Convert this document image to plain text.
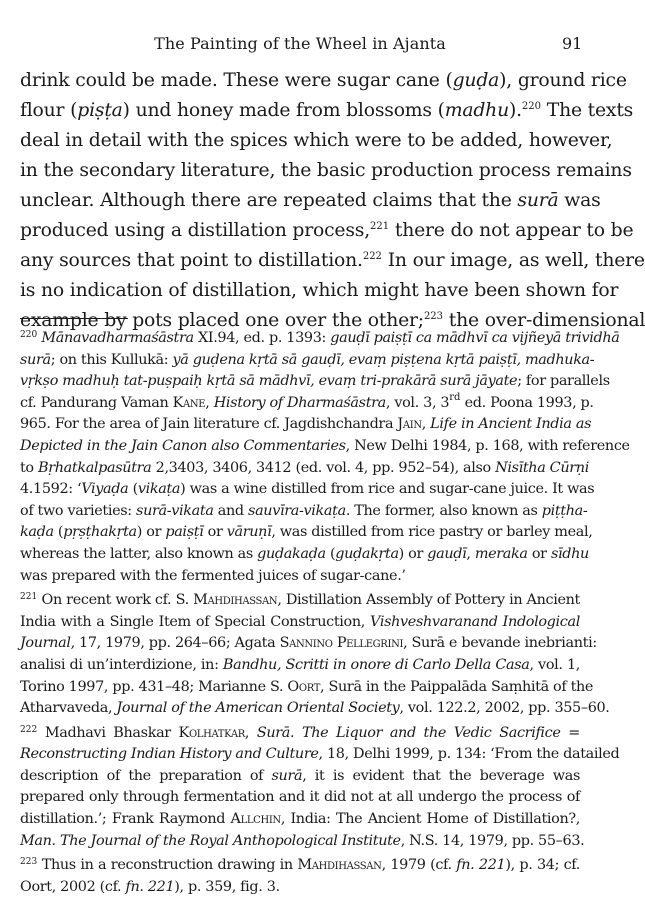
The Painting of the Wheel in Ajanta	91
drink could be made. These were sugar cane (guḍa), ground rice
flour (piṣṭa) und honey made from blossoms (madhu).$^{220}$ The texts
deal in detail with the spices which were to be added, however,
in the secondary literature, the basic production process remains
unclear. Although there are repeated claims that the surā was
produced using a distillation process,$^{221}$ there do not appear to be
any sources that point to distillation.$^{222}$ In our image, as well, there
is no indication of distillation, which might have been shown for
example by pots placed one over the other;$^{223}$ the over-dimensional
$^{220}$ Mānavadharmaśāstra XI.94, ed. p. 1393: gauḍī paiṣṭī ca mādhvī ca vijñeyā trividhā
surā; on this Kullukā: yā guḍena kṛtā sā gauḍī, evaṃ piṣṭena kṛtā paiṣṭī, madhuka-
vṛkṣo madhuḥ tat-puṣpaiḥ kṛtā sā mādhvī, evaṃ tri-prakārā surā jāyate; for parallels
cf. Pandurang Vaman Kane, History of Dharmaśāstra, vol. 3, 3rd ed. Poona 1993, p.
965. For the area of Jain literature cf. Jagdishchandra Jain, Life in Ancient India as
Depicted in the Jain Canon also Commentaries, New Delhi 1984, p. 168, with reference
to Bṛhatkalpasūtra 2,3403, 3406, 3412 (ed. vol. 4, pp. 952–54), also Nisītha Cūrṇi
4.1592: ‘Viyaḍa (vikaṭa) was a wine distilled from rice and sugar-cane juice. It was
of two varieties: surā-vikata and sauvīra-vikaṭa. The former, also known as piṭṭha-
kaḍa (pṛṣṭhakṛta) or paiṣṭī or vāruṇī, was distilled from rice pastry or barley meal,
whereas the latter, also known as guḍakaḍa (guḍakṛta) or gauḍī, meraka or sīdhu
was prepared with the fermented juices of sugar-cane.’
$^{221}$ On recent work cf. S. Mahdihassan, Distillation Assembly of Pottery in Ancient
India with a Single Item of Special Construction, Vishveshvaranand Indological
Journal, 17, 1979, pp. 264–66; Agata Sannino Pellegrini, Surā e bevande inebrianti:
analisi di un’interdizione, in: Bandhu, Scritti in onore di Carlo Della Casa, vol. 1,
Torino 1997, pp. 431–48; Marianne S. Oort, Surā in the Paippalāda Saṃhitā of the
Atharvaveda, Journal of the American Oriental Society, vol. 122.2, 2002, pp. 355–60.
$^{222}$ Madhavi Bhaskar Kolhatkar, Surā. The Liquor and the Vedic Sacrifice =
Reconstructing Indian History and Culture, 18, Delhi 1999, p. 134: ‘From the datailed
description of the preparation of surā, it is evident that the beverage was
prepared only through fermentation and it did not at all undergo the process of
distillation.’; Frank Raymond Allchin, India: The Ancient Home of Distillation?,
Man. The Journal of the Royal Anthopological Institute, N.S. 14, 1979, pp. 55–63.
$^{223}$ Thus in a reconstruction drawing in Mahdihassan, 1979 (cf. fn. 221), p. 34; cf.
Oort, 2002 (cf. fn. 221), p. 359, fig. 3.
